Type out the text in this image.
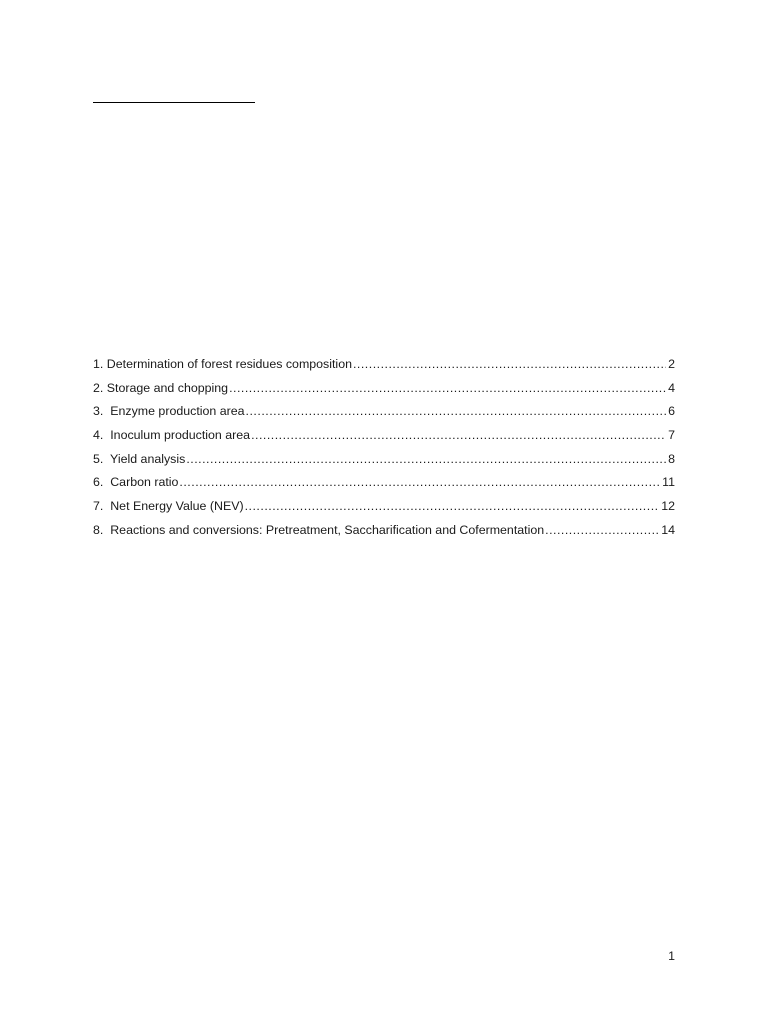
1. Determination of forest residues composition .....	2
2. Storage and chopping .....	4
3. Enzyme production area .....	6
4. Inoculum production area .....	7
5. Yield analysis .....	8
6. Carbon ratio .....	11
7. Net Energy Value (NEV) .....	12
8. Reactions and conversions: Pretreatment, Saccharification and Cofermentation .....	14
1
